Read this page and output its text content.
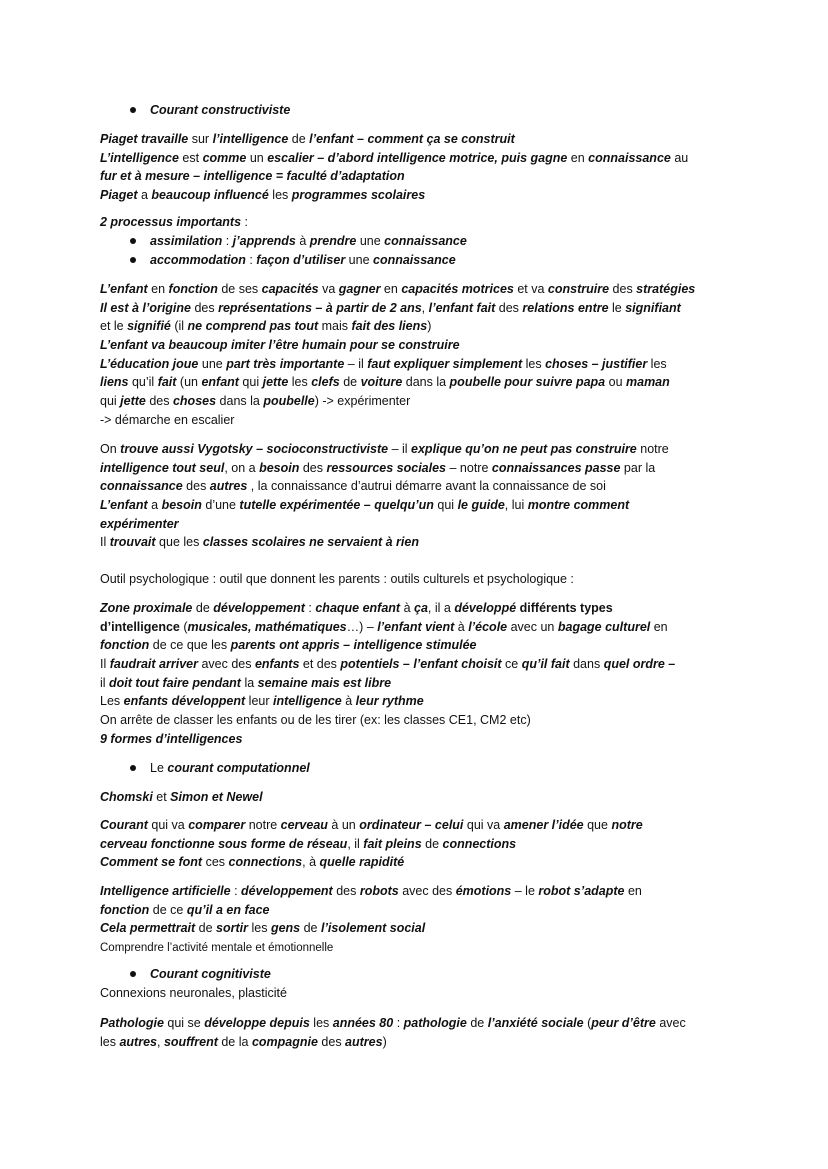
Courant constructiviste
Piaget travaille sur l’intelligence de l’enfant – comment ça se construit
L’intelligence est comme un escalier – d’abord intelligence motrice, puis gagne en connaissance au
fur et à mesure – intelligence = faculté d’adaptation
Piaget a beaucoup influencé les programmes scolaires
2 processus importants :
assimilation : j’apprends à prendre une connaissance
accommodation : façon d’utiliser une connaissance
L’enfant en fonction de ses capacités va gagner en capacités motrices et va construire des stratégies
Il est à l’origine des représentations – à partir de 2 ans, l’enfant fait des relations entre le signifiant
et le signifié (il ne comprend pas tout mais fait des liens)
L’enfant va beaucoup imiter l’être humain pour se construire
L’éducation joue une part très importante – il faut expliquer simplement les choses – justifier les
liens qu’il fait (un enfant qui jette les clefs de voiture dans la poubelle pour suivre papa ou maman
qui jette des choses dans la poubelle) -> expérimenter
-> démarche en escalier
On trouve aussi Vygotsky – socioconstructiviste – il explique qu’on ne peut pas construire notre
intelligence tout seul, on a besoin des ressources sociales – notre connaissances passe par la
connaissance des autres , la connaissance d’autrui démarre avant la connaissance de soi
L’enfant a besoin d’une tutelle expérimentée – quelqu’un qui le guide, lui montre comment
expérimenter
Il trouvait que les classes scolaires ne servaient à rien
Outil psychologique : outil que donnent les parents : outils culturels et psychologique :
Zone proximale de développement : chaque enfant à ça, il a développé différents types
d’intelligence (musicales, mathématiques…) – l’enfant vient à l’école avec un bagage culturel en
fonction de ce que les parents ont appris – intelligence stimulée
Il faudrait arriver avec des enfants et des potentiels – l’enfant choisit ce qu’il fait dans quel ordre –
il doit tout faire pendant la semaine mais est libre
Les enfants développent leur intelligence à leur rythme
On arrête de classer les enfants ou de les tirer (ex: les classes CE1, CM2 etc)
9 formes d’intelligences
Le courant computationnel
Chomski et Simon et Newel
Courant qui va comparer notre cerveau à un ordinateur – celui qui va amener l’idée que notre
cerveau fonctionne sous forme de réseau, il fait pleins de connections
Comment se font ces connections, à quelle rapidité
Intelligence artificielle : développement des robots avec des émotions – le robot s’adapte en
fonction de ce qu’il a en face
Cela permettrait de sortir les gens de l’isolement social
Comprendre l’activité mentale et émotionnelle
Courant cognitiviste
Connexions neuronales, plasticité
Pathologie qui se développe depuis les années 80 : pathologie de l’anxiété sociale (peur d’être avec
les autres, souffrent de la compagnie des autres)
